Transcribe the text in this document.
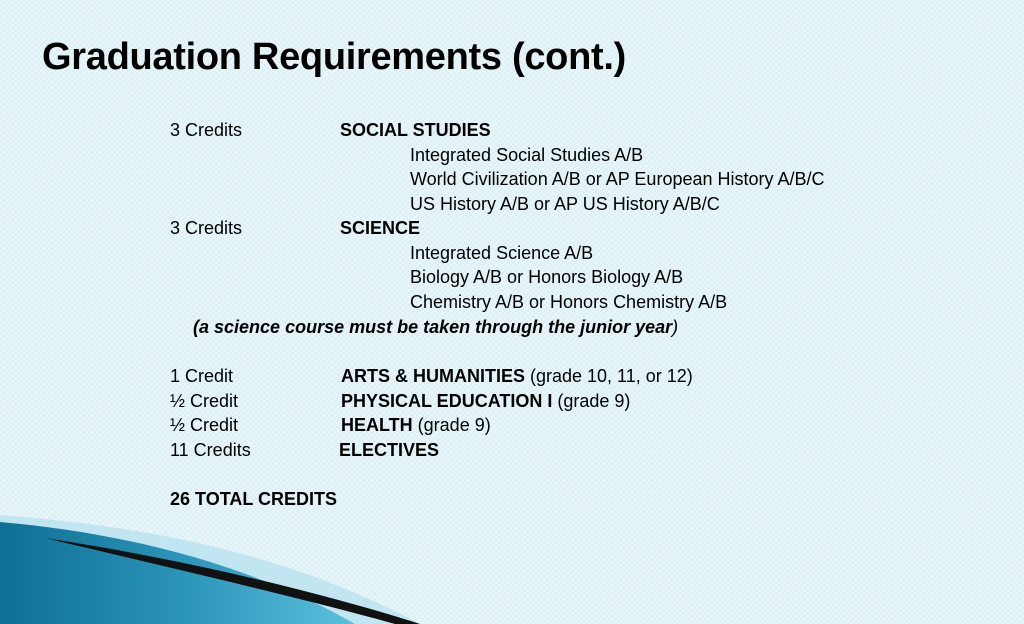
Graduation Requirements (cont.)
3 Credits	SOCIAL STUDIES
Integrated Social Studies A/B
World Civilization A/B or AP European History A/B/C
US History A/B or AP US History A/B/C
3 Credits	SCIENCE
Integrated Science A/B
Biology A/B or Honors Biology A/B
Chemistry A/B or Honors Chemistry A/B
(a science course must be taken through the junior year)
1 Credit	ARTS & HUMANITIES (grade 10, 11, or 12)
½ Credit	PHYSICAL EDUCATION I (grade 9)
½ Credit	HEALTH (grade 9)
11 Credits	ELECTIVES
26 TOTAL CREDITS
